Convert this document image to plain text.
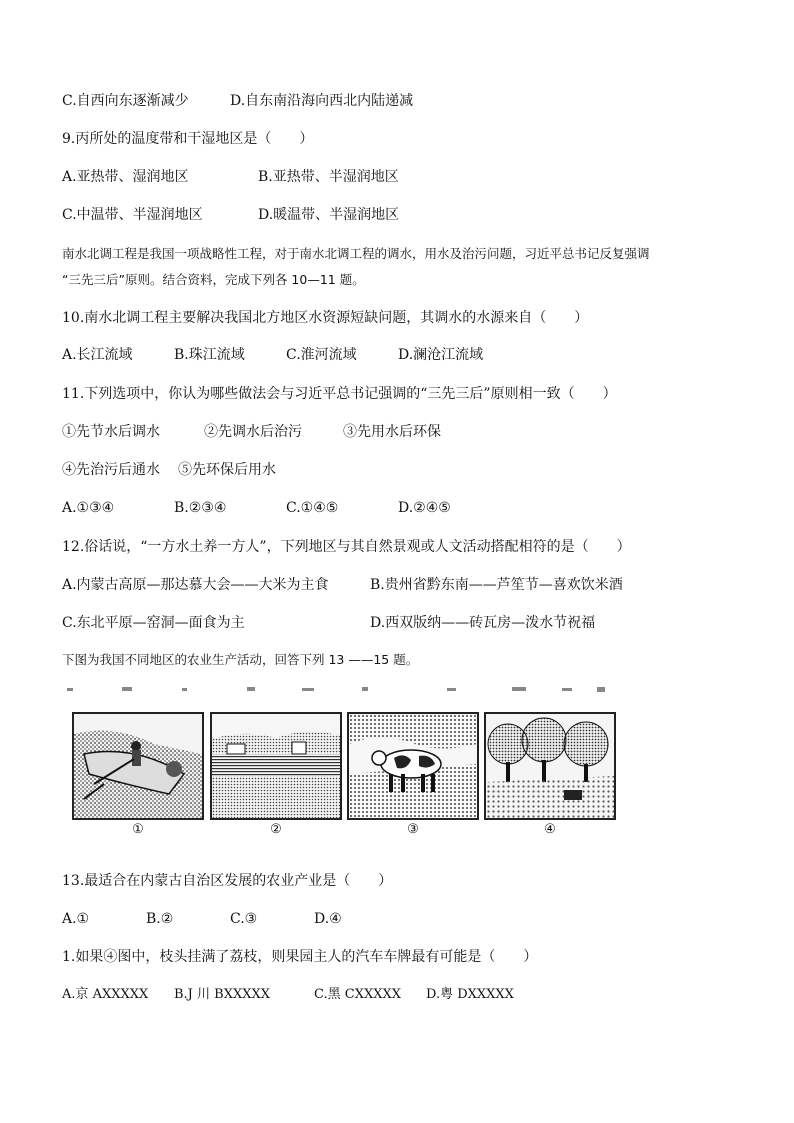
C.自西向东逐渐减少	D.自东南沿海向西北内陆递减
9.丙所处的温度带和干湿地区是（　　）
A.亚热带、湿润地区	B.亚热带、半湿润地区
C.中温带、半湿润地区	D.暖温带、半湿润地区
南水北调工程是我国一项战略性工程，对于南水北调工程的调水，用水及治污问题，习近平总书记反复强调
“三先三后”原则。结合资料，完成下列各 10—11 题。
10.南水北调工程主要解决我国北方地区水资源短缺问题，其调水的水源来自（　　）
A.长江流域	B.珠江流域	C.淮河流域	D.澜沧江流域
11.下列选项中，你认为哪些做法会与习近平总书记强调的“三先三后”原则相一致（　　）
①先节水后调水	②先调水后治污	③先用水后环保
④先治污后通水 ⑤先环保后用水
A.①③④	B.②③④	C.①④⑤	D.②④⑤
12.俗话说，“一方水土养一方人”，下列地区与其自然景观或人文活动搭配相符的是（　　）
A.内蒙古高原—那达慕大会——大米为主食	B.贵州省黔东南——芦笙节—喜欢饮米酒
C.东北平原—窑洞—面食为主	D.西双版纳——砖瓦房—泼水节祝福
下图为我国不同地区的农业生产活动，回答下列 13 ——15 题。
①	②	③	④
13.最适合在内蒙古自治区发展的农业产业是（　　）
A.①	B.②	C.③	D.④
1.如果④图中，枝头挂满了荔枝，则果园主人的汽车车牌最有可能是（　　）
A.京 AXXXXX B.J 川 BXXXXX	C.黑 CXXXXX D.粤 DXXXXX
